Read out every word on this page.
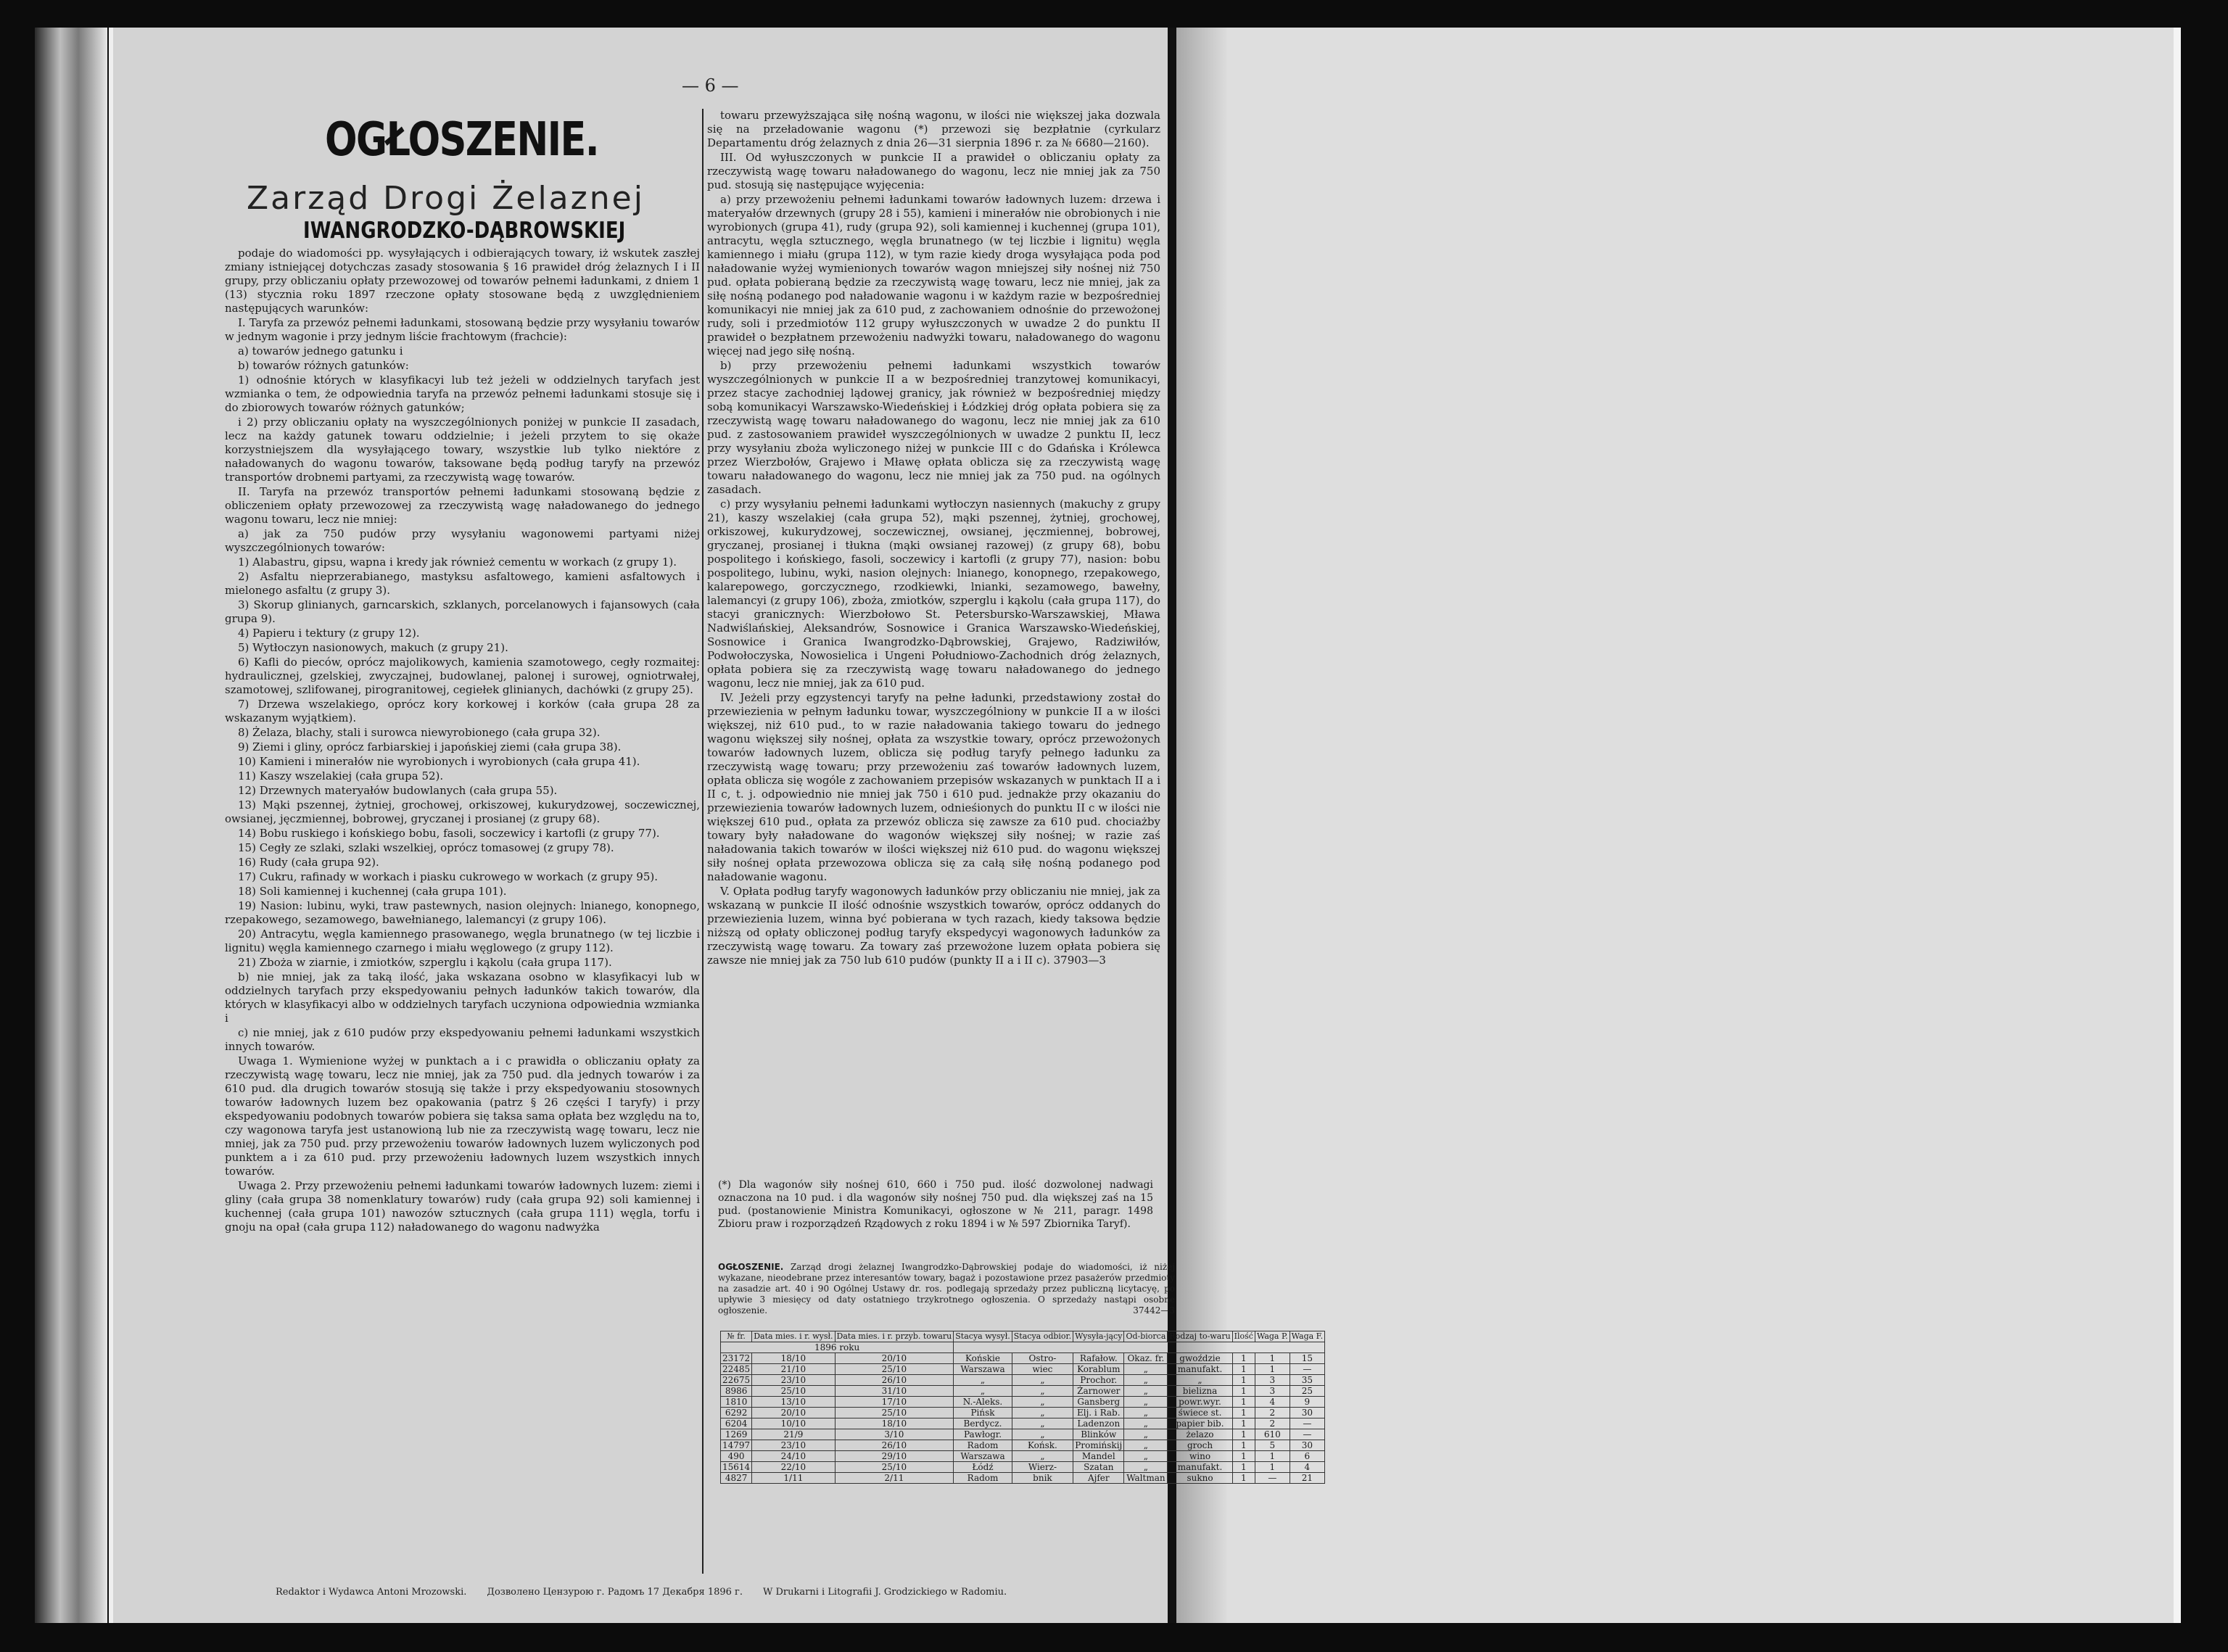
— 6 —
OGŁOSZENIE.
Zarząd Drogi Żelaznej
IWANGRODZKO-DĄBROWSKIEJ

podaje do wiadomości pp. wysyłających i odbierających towary, iż wskutek zaszłej zmiany istniejącej dotychczas zasady stosowania § 16 prawideł dróg żelaznych I i II grupy, przy obliczaniu opłaty przewozowej od towarów pełnemi ładunkami, z dniem 1 (13) stycznia roku 1897 rzeczone opłaty stosowane będą z uwzględnieniem następujących warunków:

I. Taryfa za przewóz pełnemi ładunkami, stosowaną będzie przy wysyłaniu towarów w jednym wagonie i przy jednym liście frachtowym (frachcie):

a) towarów jednego gatunku i

b) towarów różnych gatunków:

1) odnośnie których w klasyfikacyi lub też jeżeli w oddzielnych taryfach jest wzmianka o tem, że odpowiednia taryfa na przewóz pełnemi ładunkami stosuje się i do zbiorowych towarów różnych gatunków;

i 2) przy obliczaniu opłaty na wyszczególnionych poniżej w punkcie II zasadach, lecz na każdy gatunek towaru oddzielnie; i jeżeli przytem to się okaże korzystniejszem dla wysyłającego towary, wszystkie lub tylko niektóre z naładowanych do wagonu towarów, taksowane będą podług taryfy na przewóz transportów drobnemi partyami, za rzeczywistą wagę towarów.

II. Taryfa na przewóz transportów pełnemi ładunkami stosowaną będzie z obliczeniem opłaty przewozowej za rzeczywistą wagę naładowanego do jednego wagonu towaru, lecz nie mniej:

a) jak za 750 pudów przy wysyłaniu wagonowemi partyami niżej wyszczególnionych towarów:

1) Alabastru, gipsu, wapna i kredy jak również cementu w workach (z grupy 1).

2) Asfaltu nieprzerabianego, mastyksu asfaltowego, kamieni asfaltowych i mielonego asfaltu (z grupy 3).

3) Skorup glinianych, garncarskich, szklanych, porcelanowych i fajansowych (cała grupa 9).

4) Papieru i tektury (z grupy 12).

5) Wytłoczyn nasionowych, makuch (z grupy 21).

6) Kafli do pieców, oprócz majolikowych, kamienia szamotowego, cegły rozmaitej: hydraulicznej, gzelskiej, zwyczajnej, budowlanej, palonej i surowej, ogniotrwałej, szamotowej, szlifowanej, pirogranitowej, cegiełek glinianych, dachówki (z grupy 25).

7) Drzewa wszelakiego, oprócz kory korkowej i korków (cała grupa 28 za wskazanym wyjątkiem).

8) Żelaza, blachy, stali i surowca niewyrobionego (cała grupa 32).

9) Ziemi i gliny, oprócz farbiarskiej i japońskiej ziemi (cała grupa 38).

10) Kamieni i minerałów nie wyrobionych i wyrobionych (cała grupa 41).

11) Kaszy wszelakiej (cała grupa 52).

12) Drzewnych materyałów budowlanych (cała grupa 55).

13) Mąki pszennej, żytniej, grochowej, orkiszowej, kukurydzowej, soczewicznej, owsianej, jęczmiennej, bobrowej, gryczanej i prosianej (z grupy 68).

14) Bobu ruskiego i końskiego bobu, fasoli, soczewicy i kartofli (z grupy 77).

15) Cegły ze szlaki, szlaki wszelkiej, oprócz tomasowej (z grupy 78).

16) Rudy (cała grupa 92).

17) Cukru, rafinady w workach i piasku cukrowego w workach (z grupy 95).

18) Soli kamiennej i kuchennej (cała grupa 101).

19) Nasion: lubinu, wyki, traw pastewnych, nasion olejnych: lnianego, konopnego, rzepakowego, sezamowego, bawełnianego, lalemancyi (z grupy 106).

20) Antracytu, węgla kamiennego prasowanego, węgla brunatnego (w tej liczbie i lignitu) węgla kamiennego czarnego i miału węglowego (z grupy 112).

21) Zboża w ziarnie, i zmiotków, szperglu i kąkolu (cała grupa 117).

b) nie mniej, jak za taką ilość, jaka wskazana osobno w klasyfikacyi lub w oddzielnych taryfach przy ekspedyowaniu pełnych ładunków takich towarów, dla których w klasyfikacyi albo w oddzielnych taryfach uczyniona odpowiednia wzmianka i

c) nie mniej, jak z 610 pudów przy ekspedyowaniu pełnemi ładunkami wszystkich innych towarów.

Uwaga 1. Wymienione wyżej w punktach a i c prawidła o obliczaniu opłaty za rzeczywistą wagę towaru, lecz nie mniej, jak za 750 pud. dla jednych towarów i za 610 pud. dla drugich towarów stosują się także i przy ekspedyowaniu stosownych towarów ładownych luzem bez opakowania (patrz § 26 części I taryfy) i przy ekspedyowaniu podobnych towarów pobiera się taksa sama opłata bez względu na to, czy wagonowa taryfa jest ustanowioną lub nie za rzeczywistą wagę towaru, lecz nie mniej, jak za 750 pud. przy przewożeniu towarów ładownych luzem wyliczonych pod punktem a i za 610 pud. przy przewożeniu ładownych luzem wszystkich innych towarów.

Uwaga 2. Przy przewożeniu pełnemi ładunkami towarów ładownych luzem: ziemi i gliny (cała grupa 38 nomenklatury towarów) rudy (cała grupa 92) soli kamiennej i kuchennej (cała grupa 101) nawozów sztucznych (cała grupa 111) węgla, torfu i gnoju na opał (cała grupa 112) naładowanego do wagonu nadwyżka

towaru przewyższająca siłę nośną wagonu, w ilości nie większej jaka dozwala się na przeładowanie wagonu (*) przewozi się bezpłatnie (cyrkularz Departamentu dróg żelaznych z dnia 26—31 sierpnia 1896 r. za № 6680—2160).

III. Od wyłuszczonych w punkcie II a prawideł o obliczaniu opłaty za rzeczywistą wagę towaru naładowanego do wagonu, lecz nie mniej jak za 750 pud. stosują się następujące wyjęcenia:

a) przy przewożeniu pełnemi ładunkami towarów ładownych luzem: drzewa i materyałów drzewnych (grupy 28 i 55), kamieni i minerałów nie obrobionych i nie wyrobionych (grupa 41), rudy (grupa 92), soli kamiennej i kuchennej (grupa 101), antracytu, węgla sztucznego, węgla brunatnego (w tej liczbie i lignitu) węgla kamiennego i miału (grupa 112), w tym razie kiedy droga wysyłająca poda pod naładowanie wyżej wymienionych towarów wagon mniejszej siły nośnej niż 750 pud. opłata pobieraną będzie za rzeczywistą wagę towaru, lecz nie mniej, jak za siłę nośną podanego pod naładowanie wagonu i w każdym razie w bezpośredniej komunikacyi nie mniej jak za 610 pud, z zachowaniem odnośnie do przewożonej rudy, soli i przedmiotów 112 grupy wyłuszczonych w uwadze 2 do punktu II prawideł o bezpłatnem przewożeniu nadwyżki towaru, naładowanego do wagonu więcej nad jego siłę nośną.

b) przy przewożeniu pełnemi ładunkami wszystkich towarów wyszczególnionych w punkcie II a w bezpośredniej tranzytowej komunikacyi, przez stacye zachodniej lądowej granicy, jak również w bezpośredniej między sobą komunikacyi Warszawsko-Wiedeńskiej i Łódzkiej dróg opłata pobiera się za rzeczywistą wagę towaru naładowanego do wagonu, lecz nie mniej jak za 610 pud. z zastosowaniem prawideł wyszczególnionych w uwadze 2 punktu II, lecz przy wysyłaniu zboża wyliczonego niżej w punkcie III c do Gdańska i Królewca przez Wierzbołów, Grajewo i Mławę opłata oblicza się za rzeczywistą wagę towaru naładowanego do wagonu, lecz nie mniej jak za 750 pud. na ogólnych zasadach.

c) przy wysyłaniu pełnemi ładunkami wytłoczyn nasiennych (makuchy z grupy 21), kaszy wszelakiej (cała grupa 52), mąki pszennej, żytniej, grochowej, orkiszowej, kukurydzowej, soczewicznej, owsianej, jęczmiennej, bobrowej, gryczanej, prosianej i tłukna (mąki owsianej razowej) (z grupy 68), bobu pospolitego i końskiego, fasoli, soczewicy i kartofli (z grupy 77), nasion: bobu pospolitego, lubinu, wyki, nasion olejnych: lnianego, konopnego, rzepakowego, kalarepowego, gorczycznego, rzodkiewki, lnianki, sezamowego, bawełny, lalemancyi (z grupy 106), zboża, zmiotków, szperglu i kąkolu (cała grupa 117), do stacyi granicznych: Wierzbołowo St. Petersbursko-Warszawskiej, Mława Nadwiślańskiej, Aleksandrów, Sosnowice i Granica Warszawsko-Wiedeńskiej, Sosnowice i Granica Iwangrodzko-Dąbrowskiej, Grajewo, Radziwiłów, Podwołoczyska, Nowosielica i Ungeni Południowo-Zachodnich dróg żelaznych, opłata pobiera się za rzeczywistą wagę towaru naładowanego do jednego wagonu, lecz nie mniej, jak za 610 pud.

IV. Jeżeli przy egzystencyi taryfy na pełne ładunki, przedstawiony został do przewiezienia w pełnym ładunku towar, wyszczególniony w punkcie II a w ilości większej, niż 610 pud., to w razie naładowania takiego towaru do jednego wagonu większej siły nośnej, opłata za wszystkie towary, oprócz przewożonych towarów ładownych luzem, oblicza się podług taryfy pełnego ładunku za rzeczywistą wagę towaru; przy przewożeniu zaś towarów ładownych luzem, opłata oblicza się wogóle z zachowaniem przepisów wskazanych w punktach II a i II c, t. j. odpowiednio nie mniej jak 750 i 610 pud. jednakże przy okazaniu do przewiezienia towarów ładownych luzem, odnieśionych do punktu II c w ilości nie większej 610 pud., opłata za przewóz oblicza się zawsze za 610 pud. chociażby towary były naładowane do wagonów większej siły nośnej; w razie zaś naładowania takich towarów w ilości większej niż 610 pud. do wagonu większej siły nośnej opłata przewozowa oblicza się za całą siłę nośną podanego pod naładowanie wagonu.

V. Opłata podług taryfy wagonowych ładunków przy obliczaniu nie mniej, jak za wskazaną w punkcie II ilość odnośnie wszystkich towarów, oprócz oddanych do przewiezienia luzem, winna być pobierana w tych razach, kiedy taksowa będzie niższą od opłaty obliczonej podług taryfy ekspedycyi wagonowych ładunków za rzeczywistą wagę towaru. Za towary zaś przewożone luzem opłata pobiera się zawsze nie mniej jak za 750 lub 610 pudów (punkty II a i II c). 37903—3

(*) Dla wagonów siły nośnej 610, 660 i 750 pud. ilość dozwolonej nadwagi oznaczona na 10 pud. i dla wagonów siły nośnej 750 pud. dla większej zaś na 15 pud. (postanowienie Ministra Komunikacyi, ogłoszone w № 211, paragr. 1498 Zbioru praw i rozporządzeń Rządowych z roku 1894 i w № 597 Zbiornika Taryf).
OGŁOSZENIE. Zarząd drogi żelaznej Iwangrodzko-Dąbrowskiej podaje do wiadomości, iż niżej wykazane, nieodebrane przez interesantów towary, bagaż i pozostawione przez pasażerów przedmioty na zasadzie art. 40 i 90 Ogólnej Ustawy dr. ros. podlegają sprzedaży przez publiczną licytacyę, po upływie 3 miesięcy od daty ostatniego trzykrotnego ogłoszenia. O sprzedaży nastąpi osobne ogłoszenie.	37442—3
№ fr.	Data mies. i r. wysł.	Data mies. i r. przyb. towaru	Stacya wysył.	Stacya odbior.	Wysyła-jący	Od-biorca	Rodzaj to-waru	Ilość	Waga P.	Waga F.
1896 roku										
23172	18/10	20/10	Końskie	Ostro-	Rafałow.	Okaz. fr.	gwoździe	1	1	15
22485	21/10	25/10	Warszawa	wiec	Korablum	„	manufakt.	1	1	—
22675	23/10	26/10	„	„	Prochor.	„	„	1	3	35
8986	25/10	31/10	„	„	Żarnower	„	bielizna	1	3	25
1810	13/10	17/10	N.-Aleks.	„	Gansberg	„	powr.wyr.	1	4	9
6292	20/10	25/10	Pińsk	„	Elj. i Rab.	„	świece st.	1	2	30
6204	10/10	18/10	Berdycz.	„	Ladenzon	„	papier bib.	1	2	—
1269	21/9	3/10	Pawłogr.	„	Blinków	„	żelazo	1	610	—
14797	23/10	26/10	Radom	Końsk.	Promińskij	„	groch	1	5	30
490	24/10	29/10	Warszawa	„	Mandel	„	wino	1	1	6
15614	22/10	25/10	Łódź	Wierz-	Szatan	„	manufakt.	1	1	4
4827	1/11	2/11	Radom	bnik	Ajfer	Waltman	sukno	1	—	21
Redaktor i Wydawca Antoni Mrozowski. Дозволено Цензурою г. Радомъ 17 Декабря 1896 г. W Drukarni i Litografii J. Grodzickiego w Radomiu.
